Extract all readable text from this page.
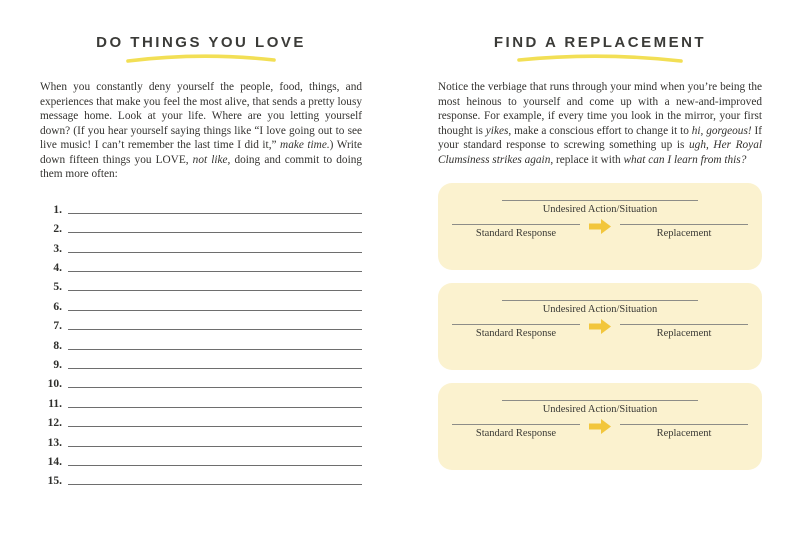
DO THINGS YOU LOVE

When you constantly deny yourself the people, food, things, and experiences that make you feel the most alive, that sends a pretty lousy message home. Look at your life. Where are you letting yourself down? (If you hear yourself saying things like “I love going out to see live music! I can’t remember the last time I did it,” make time.) Write down fifteen things you LOVE, not like, doing and commit to doing them more often:

1.
2.
3.
4.
5.
6.
7.
8.
9.
10.
11.
12.
13.
14.
15.
FIND A REPLACEMENT

Notice the verbiage that runs through your mind when you’re being the most heinous to yourself and come up with a new-and-improved response. For example, if every time you look in the mirror, your first thought is yikes, make a conscious effort to change it to hi, gorgeous! If your standard response to screwing something up is ugh, Her Royal Clumsiness strikes again, replace it with what can I learn from this?

Undesired Action/Situation
Standard Response	Replacement
Undesired Action/Situation
Standard Response	Replacement
Undesired Action/Situation
Standard Response	Replacement
